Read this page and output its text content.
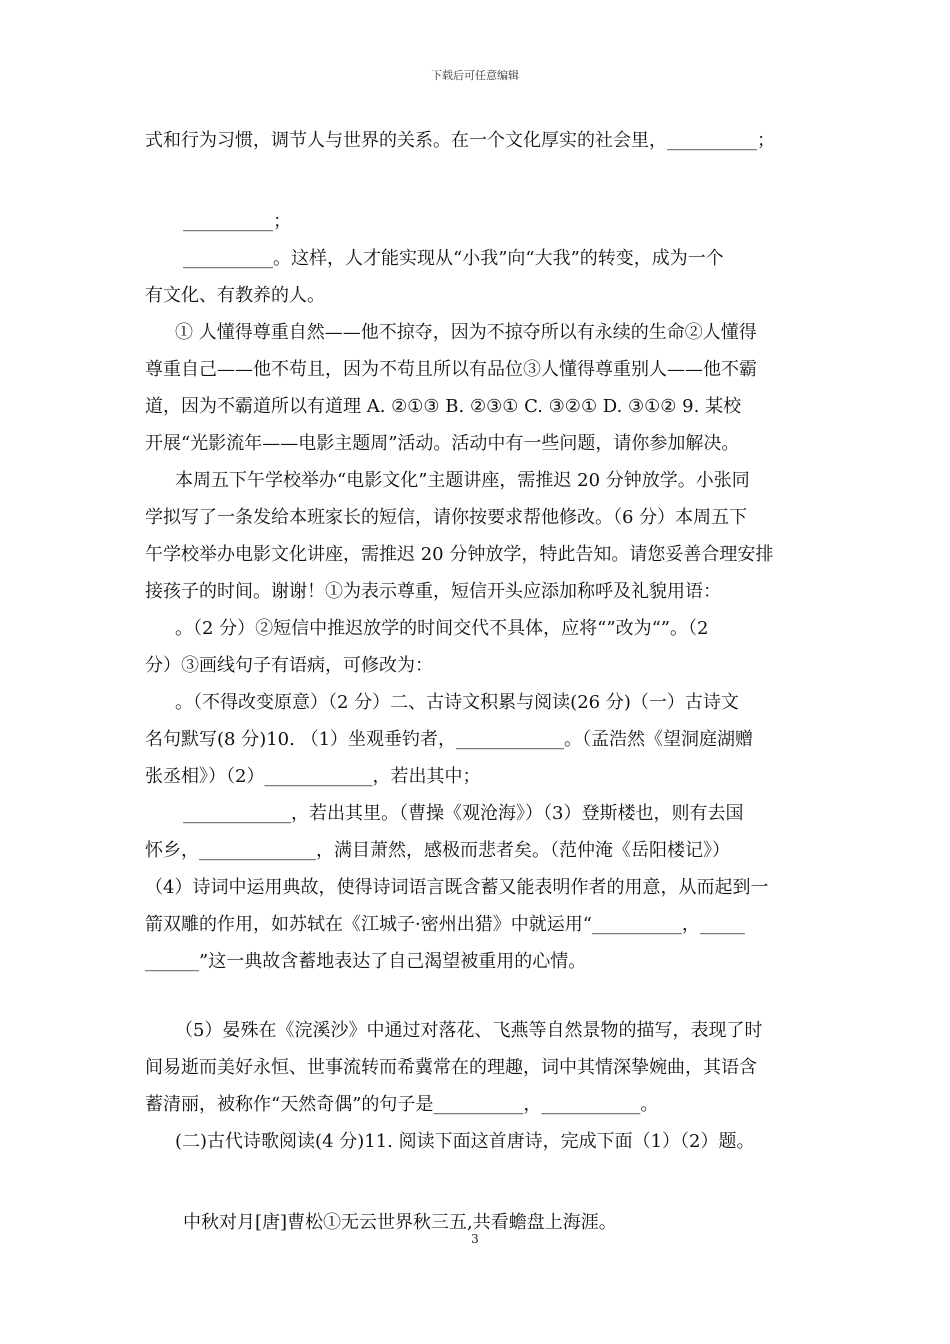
下载后可任意编辑
式和行为习惯，调节人与世界的关系。在一个文化厚实的社会里，__________；
__________；
__________。这样，人才能实现从“小我”向“大我”的转变，成为一个
有文化、有教养的人。
① 人懂得尊重自然——他不掠夺，因为不掠夺所以有永续的生命②人懂得
尊重自己——他不苟且，因为不苟且所以有品位③人懂得尊重别人——他不霸
道，因为不霸道所以有道理 A. ②①③ B. ②③① C. ③②① D. ③①② 9. 某校
开展“光影流年——电影主题周”活动。活动中有一些问题，请你参加解决。
本周五下午学校举办“电影文化”主题讲座，需推迟 20 分钟放学。小张同
学拟写了一条发给本班家长的短信，请你按要求帮他修改。（6 分）本周五下
午学校举办电影文化讲座，需推迟 20 分钟放学，特此告知。请您妥善合理安排
接孩子的时间。谢谢！①为表示尊重，短信开头应添加称呼及礼貌用语：
。（2 分）②短信中推迟放学的时间交代不具体，应将“”改为“”。（2
分）③画线句子有语病，可修改为：
。（不得改变原意）（2 分）二、古诗文积累与阅读(26 分)（一）古诗文
名句默写(8 分)10. （1）坐观垂钓者，____________。（孟浩然《望洞庭湖赠
张丞相》）（2）____________，若出其中；
____________，若出其里。（曹操《观沧海》）（3）登斯楼也，则有去国
怀乡，_____________，满目萧然，感极而悲者矣。（范仲淹《岳阳楼记》）
（4）诗词中运用典故，使得诗词语言既含蓄又能表明作者的用意，从而起到一
箭双雕的作用，如苏轼在《江城子·密州出猎》中就运用“__________，_____
______”这一典故含蓄地表达了自己渴望被重用的心情。
（5）晏殊在《浣溪沙》中通过对落花、飞燕等自然景物的描写，表现了时
间易逝而美好永恒、世事流转而希冀常在的理趣，词中其情深挚婉曲，其语含
蓄清丽，被称作“天然奇偶”的句子是__________，___________。
(二)古代诗歌阅读(4 分)11. 阅读下面这首唐诗，完成下面（1）（2）题。
中秋对月[唐]曹松①无云世界秋三五,共看蟾盘上海涯。
3
